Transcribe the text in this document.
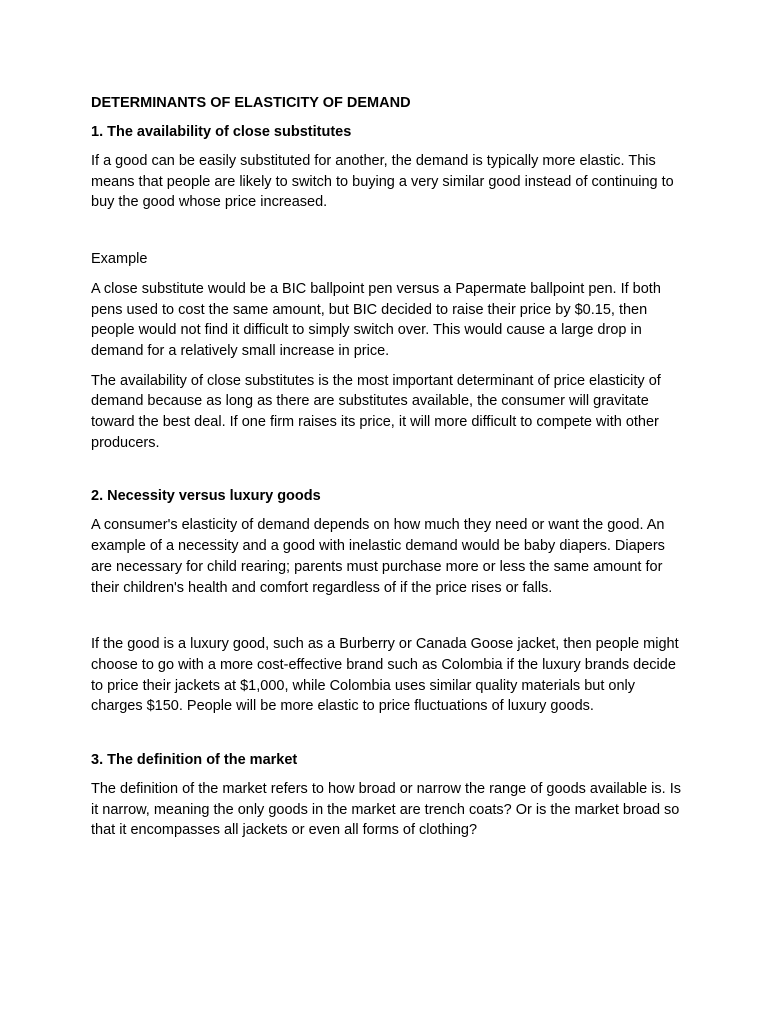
DETERMINANTS OF ELASTICITY OF DEMAND
1. The availability of close substitutes

If a good can be easily substituted for another, the demand is typically more elastic. This means that people are likely to switch to buying a very similar good instead of continuing to buy the good whose price increased.

Example

A close substitute would be a BIC ballpoint pen versus a Papermate ballpoint pen. If both pens used to cost the same amount, but BIC decided to raise their price by $0.15, then people would not find it difficult to simply switch over. This would cause a large drop in demand for a relatively small increase in price.

The availability of close substitutes is the most important determinant of price elasticity of demand because as long as there are substitutes available, the consumer will gravitate toward the best deal. If one firm raises its price, it will more difficult to compete with other producers.

2. Necessity versus luxury goods

A consumer's elasticity of demand depends on how much they need or want the good. An example of a necessity and a good with inelastic demand would be baby diapers. Diapers are necessary for child rearing; parents must purchase more or less the same amount for their children's health and comfort regardless of if the price rises or falls.

If the good is a luxury good, such as a Burberry or Canada Goose jacket, then people might choose to go with a more cost-effective brand such as Colombia if the luxury brands decide to price their jackets at $1,000, while Colombia uses similar quality materials but only charges $150. People will be more elastic to price fluctuations of luxury goods.

3. The definition of the market

The definition of the market refers to how broad or narrow the range of goods available is. Is it narrow, meaning the only goods in the market are trench coats? Or is the market broad so that it encompasses all jackets or even all forms of clothing?
